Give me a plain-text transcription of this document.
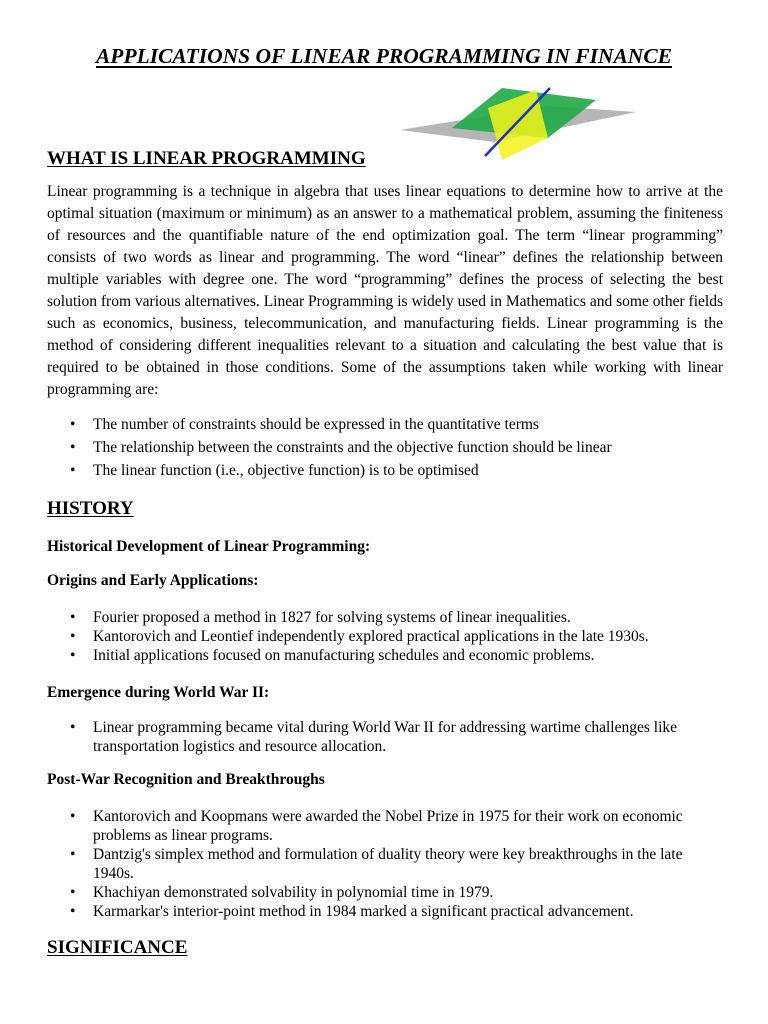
APPLICATIONS OF LINEAR PROGRAMMING IN FINANCE
WHAT IS LINEAR PROGRAMMING

Linear programming is a technique in algebra that uses linear equations to determine how to arrive at the optimal situation (maximum or minimum) as an answer to a mathematical problem, assuming the finiteness of resources and the quantifiable nature of the end optimization goal. The term “linear programming” consists of two words as linear and programming. The word “linear” defines the relationship between multiple variables with degree one. The word “programming” defines the process of selecting the best solution from various alternatives. Linear Programming is widely used in Mathematics and some other fields such as economics, business, telecommunication, and manufacturing fields. Linear programming is the method of considering different inequalities relevant to a situation and calculating the best value that is required to be obtained in those conditions. Some of the assumptions taken while working with linear programming are:

• The number of constraints should be expressed in the quantitative terms
• The relationship between the constraints and the objective function should be linear
• The linear function (i.e., objective function) is to be optimised
HISTORY

Historical Development of Linear Programming:

Origins and Early Applications:

• Fourier proposed a method in 1827 for solving systems of linear inequalities.
• Kantorovich and Leontief independently explored practical applications in the late 1930s.
• Initial applications focused on manufacturing schedules and economic problems.

Emergence during World War II:

• Linear programming became vital during World War II for addressing wartime challenges like transportation logistics and resource allocation.

Post-War Recognition and Breakthroughs

• Kantorovich and Koopmans were awarded the Nobel Prize in 1975 for their work on economic problems as linear programs.
• Dantzig's simplex method and formulation of duality theory were key breakthroughs in the late 1940s.
• Khachiyan demonstrated solvability in polynomial time in 1979.
• Karmarkar's interior-point method in 1984 marked a significant practical advancement.
SIGNIFICANCE
